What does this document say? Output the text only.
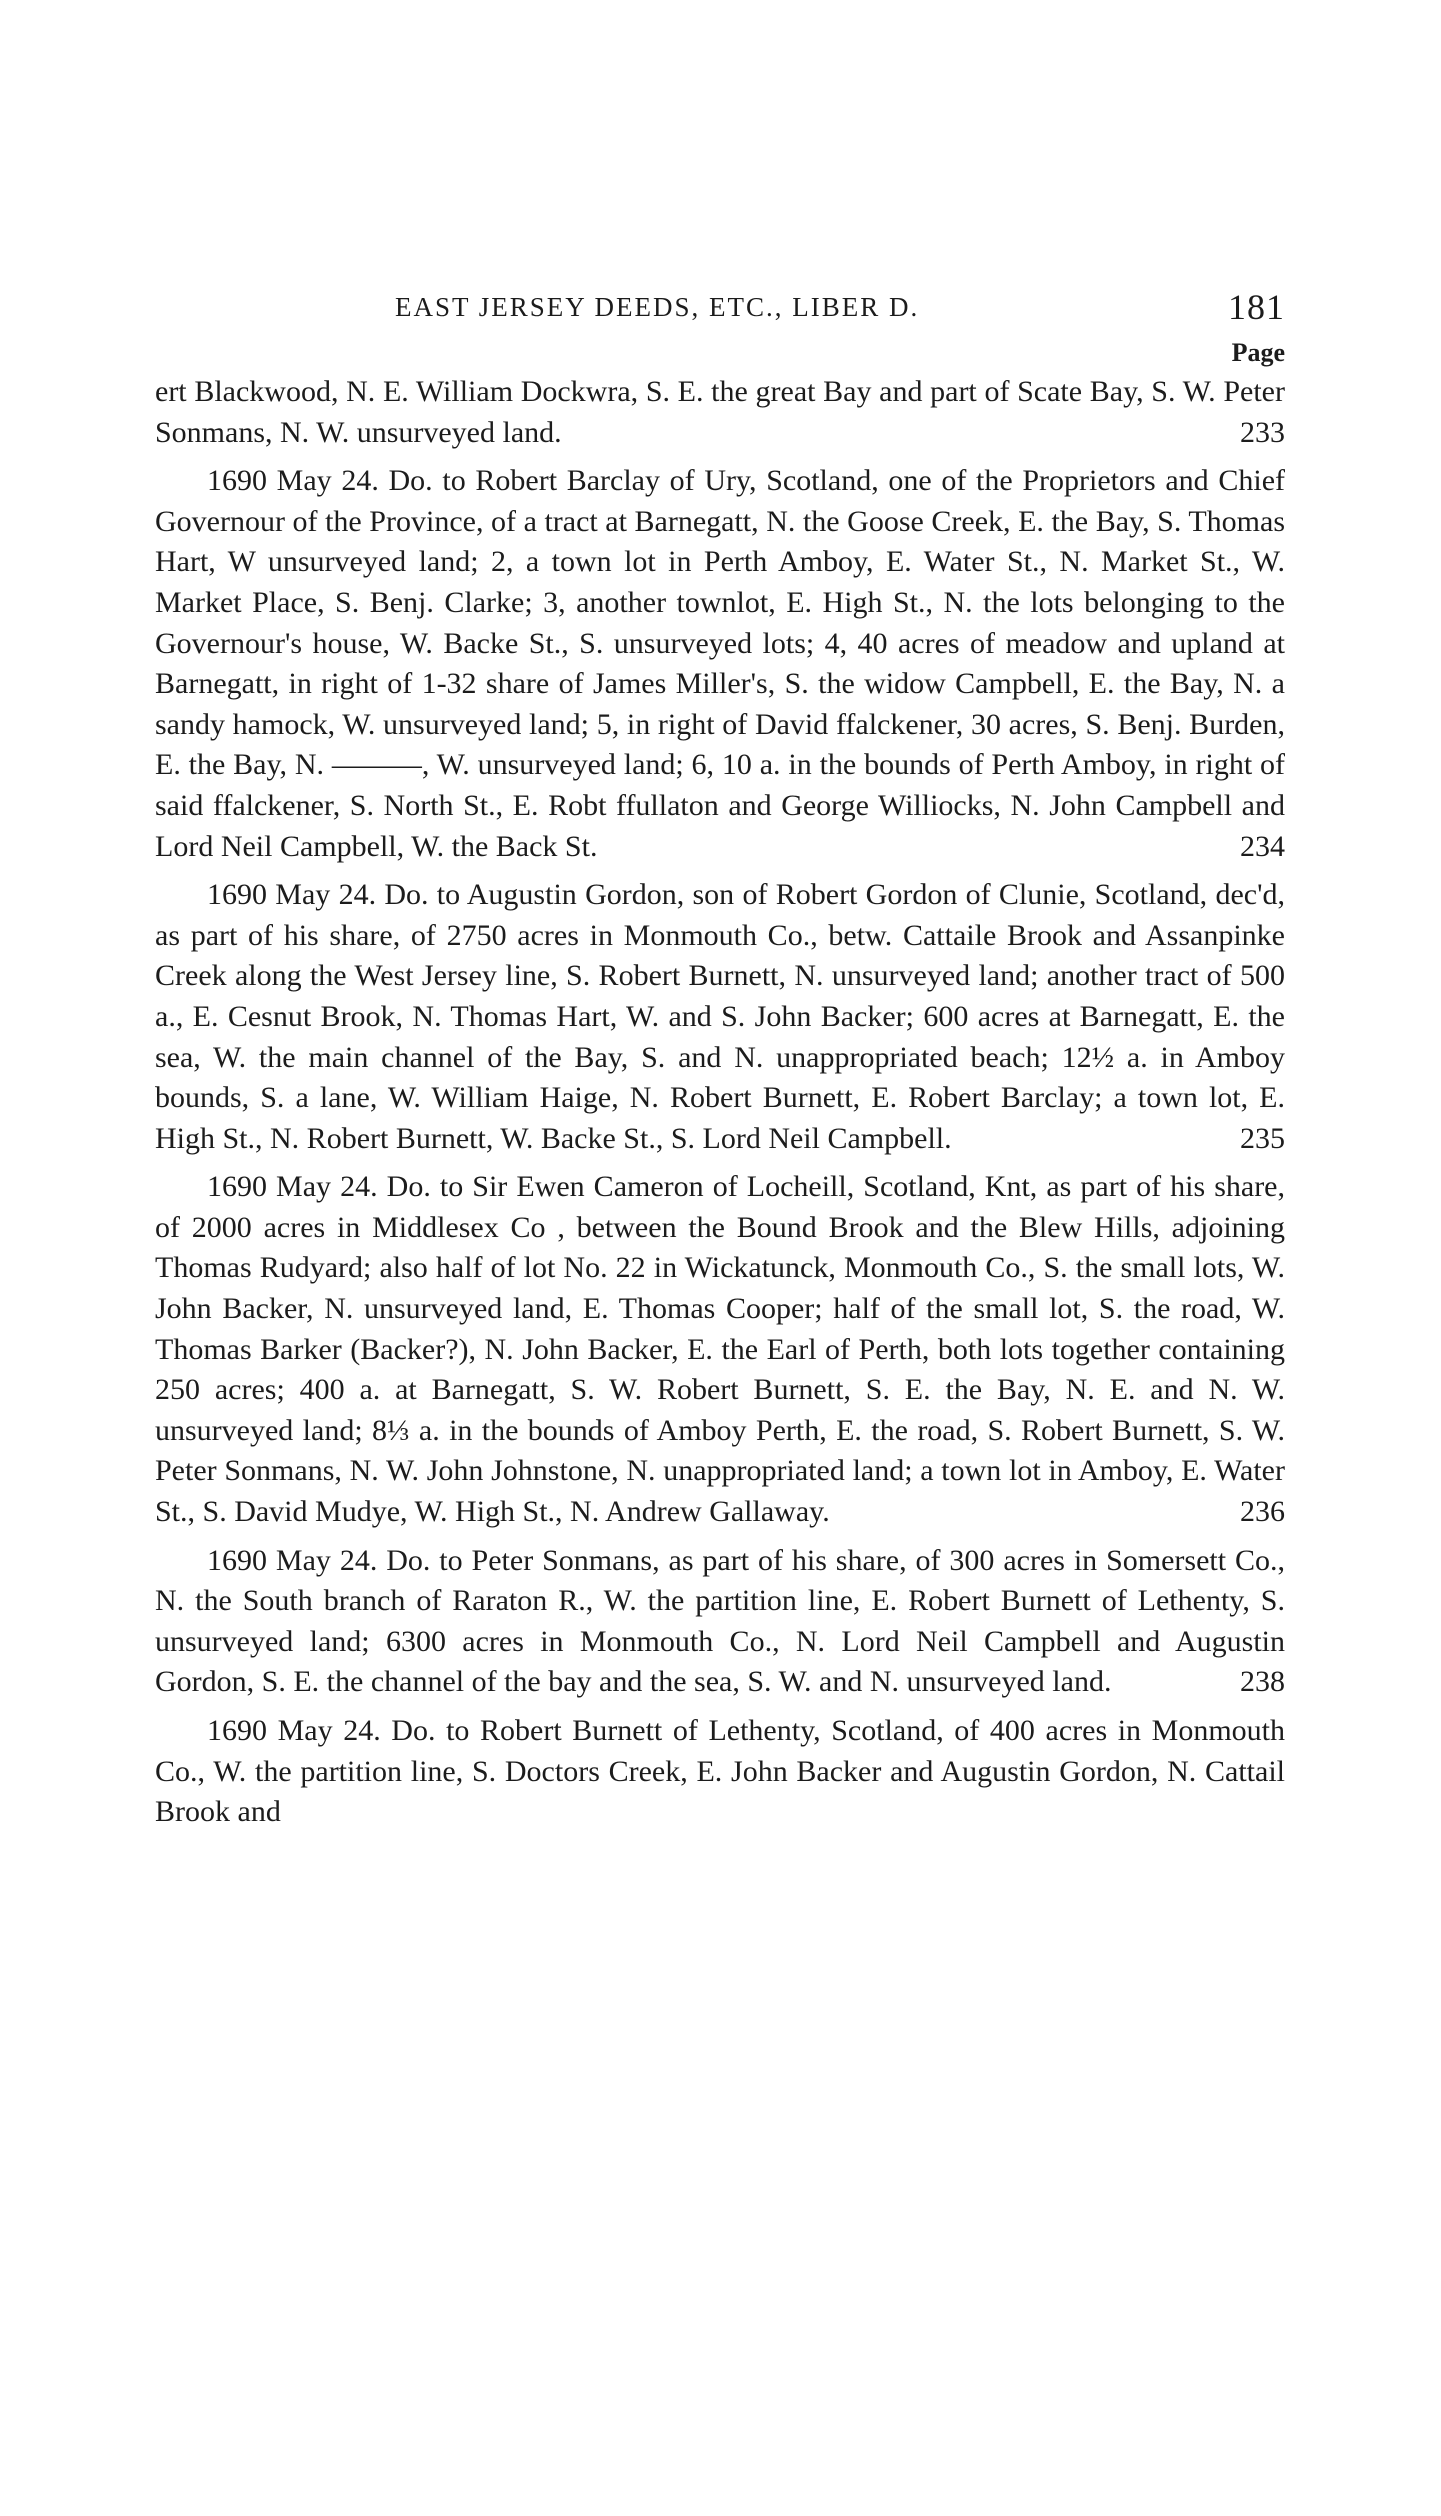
EAST JERSEY DEEDS, ETC., LIBER D.	181
Page

ert Blackwood, N. E. William Dockwra, S. E. the great Bay and part of Scate Bay, S. W. Peter Sonmans, N. W. unsurveyed land.	233

1690 May 24. Do. to Robert Barclay of Ury, Scotland, one of the Proprietors and Chief Governour of the Province, of a tract at Barnegatt, N. the Goose Creek, E. the Bay, S. Thomas Hart, W unsurveyed land; 2, a town lot in Perth Amboy, E. Water St., N. Market St., W. Market Place, S. Benj. Clarke; 3, another townlot, E. High St., N. the lots belonging to the Governour's house, W. Backe St., S. unsurveyed lots; 4, 40 acres of meadow and upland at Barnegatt, in right of 1-32 share of James Miller's, S. the widow Campbell, E. the Bay, N. a sandy hamock, W. unsurveyed land; 5, in right of David ffalckener, 30 acres, S. Benj. Burden, E. the Bay, N. ———, W. unsurveyed land; 6, 10 a. in the bounds of Perth Amboy, in right of said ffalckener, S. North St., E. Robt ffullaton and George Williocks, N. John Campbell and Lord Neil Campbell, W. the Back St.	234

1690 May 24. Do. to Augustin Gordon, son of Robert Gordon of Clunie, Scotland, dec'd, as part of his share, of 2750 acres in Monmouth Co., betw. Cattaile Brook and Assanpinke Creek along the West Jersey line, S. Robert Burnett, N. unsurveyed land; another tract of 500 a., E. Cesnut Brook, N. Thomas Hart, W. and S. John Backer; 600 acres at Barnegatt, E. the sea, W. the main channel of the Bay, S. and N. unappropriated beach; 12½ a. in Amboy bounds, S. a lane, W. William Haige, N. Robert Burnett, E. Robert Barclay; a town lot, E. High St., N. Robert Burnett, W. Backe St., S. Lord Neil Campbell.	235

1690 May 24. Do. to Sir Ewen Cameron of Locheill, Scotland, Knt, as part of his share, of 2000 acres in Middlesex Co , between the Bound Brook and the Blew Hills, adjoining Thomas Rudyard; also half of lot No. 22 in Wickatunck, Monmouth Co., S. the small lots, W. John Backer, N. unsurveyed land, E. Thomas Cooper; half of the small lot, S. the road, W. Thomas Barker (Backer?), N. John Backer, E. the Earl of Perth, both lots together containing 250 acres; 400 a. at Barnegatt, S. W. Robert Burnett, S. E. the Bay, N. E. and N. W. unsurveyed land; 8⅓ a. in the bounds of Amboy Perth, E. the road, S. Robert Burnett, S. W. Peter Sonmans, N. W. John Johnstone, N. unappropriated land; a town lot in Amboy, E. Water St., S. David Mudye, W. High St., N. Andrew Gallaway.	236

1690 May 24. Do. to Peter Sonmans, as part of his share, of 300 acres in Somersett Co., N. the South branch of Raraton R., W. the partition line, E. Robert Burnett of Lethenty, S. unsurveyed land; 6300 acres in Monmouth Co., N. Lord Neil Campbell and Augustin Gordon, S. E. the channel of the bay and the sea, S. W. and N. unsurveyed land.	238

1690 May 24. Do. to Robert Burnett of Lethenty, Scotland, of 400 acres in Monmouth Co., W. the partition line, S. Doctors Creek, E. John Backer and Augustin Gordon, N. Cattail Brook and
